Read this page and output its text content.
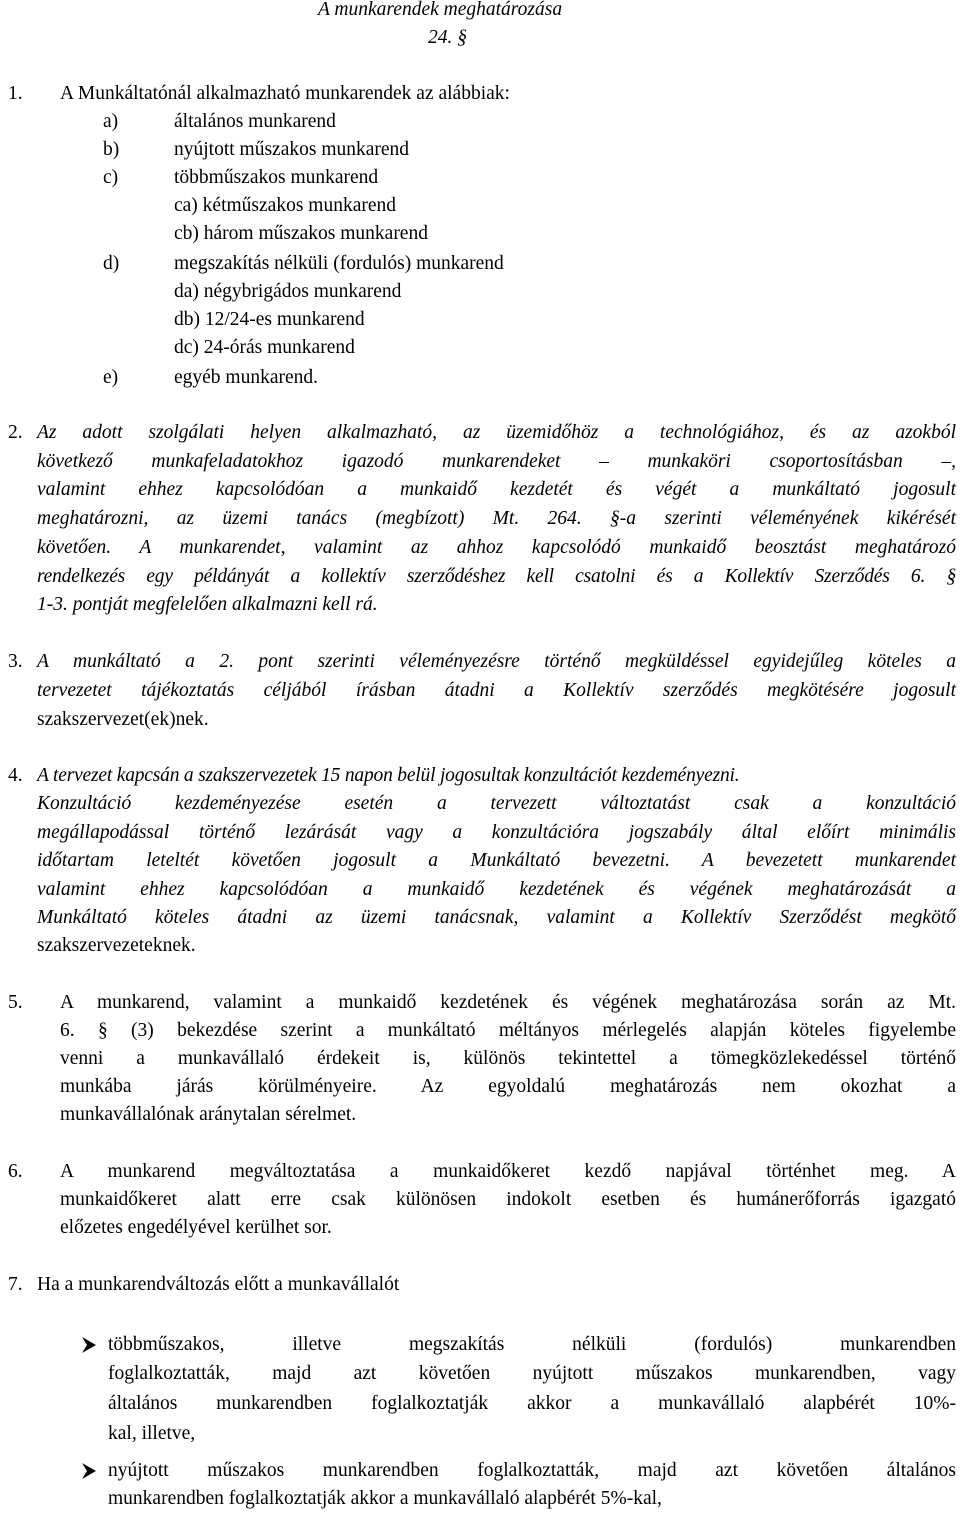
A munkarendek meghatározása
24. §
1. A Munkáltatónál alkalmazható munkarendek az alábbiak:
a)	általános munkarend
b)	nyújtott műszakos munkarend
c)	többműszakos munkarend
ca) kétműszakos munkarend
cb) három műszakos munkarend
d)	megszakítás nélküli (fordulós) munkarend
da) négybrigádos munkarend
db) 12/24-es munkarend
dc) 24-órás munkarend
e)	egyéb munkarend.
2. Az adott szolgálati helyen alkalmazható, az üzemidőhöz a technológiához, és az azokból
következő munkafeladatokhoz igazodó munkarendeket – munkaköri csoportosításban –,
valamint ehhez kapcsolódóan a munkaidő kezdetét és végét a munkáltató jogosult
meghatározni, az üzemi tanács (megbízott) Mt. 264. §-a szerinti véleményének kikérését
követően. A munkarendet, valamint az ahhoz kapcsolódó munkaidő beosztást meghatározó
rendelkezés egy példányát a kollektív szerződéshez kell csatolni és a Kollektív Szerződés 6. §
1-3. pontját megfelelően alkalmazni kell rá.
3. A munkáltató a 2. pont szerinti véleményezésre történő megküldéssel egyidejűleg köteles a
tervezetet tájékoztatás céljából írásban átadni a Kollektív szerződés megkötésére jogosult
szakszervezet(ek)nek.
4. A tervezet kapcsán a szakszervezetek 15 napon belül jogosultak konzultációt kezdeményezni.
Konzultáció kezdeményezése esetén a tervezett változtatást csak a konzultáció
megállapodással történő lezárását vagy a konzultációra jogszabály által előírt minimális
időtartam leteltét követően jogosult a Munkáltató bevezetni. A bevezetett munkarendet
valamint ehhez kapcsolódóan a munkaidő kezdetének és végének meghatározását a
Munkáltató köteles átadni az üzemi tanácsnak, valamint a Kollektív Szerződést megkötő
szakszervezeteknek.
5. A munkarend, valamint a munkaidő kezdetének és végének meghatározása során az Mt.
6. § (3) bekezdése szerint a munkáltató méltányos mérlegelés alapján köteles figyelembe
venni a munkavállaló érdekeit is, különös tekintettel a tömegközlekedéssel történő
munkába járás körülményeire. Az egyoldalú meghatározás nem okozhat a
munkavállalónak aránytalan sérelmet.
6. A munkarend megváltoztatása a munkaidőkeret kezdő napjával történhet meg. A
munkaidőkeret alatt erre csak különösen indokolt esetben és humánerőforrás igazgató
előzetes engedélyével kerülhet sor.
7. Ha a munkarendváltozás előtt a munkavállalót
többműszakos, illetve megszakítás nélküli (fordulós) munkarendben
foglalkoztatták, majd azt követően nyújtott műszakos munkarendben, vagy
általános munkarendben foglalkoztatják akkor a munkavállaló alapbérét 10%-
kal, illetve,
nyújtott műszakos munkarendben foglalkoztatták, majd azt követően általános
munkarendben foglalkoztatják akkor a munkavállaló alapbérét 5%-kal,
